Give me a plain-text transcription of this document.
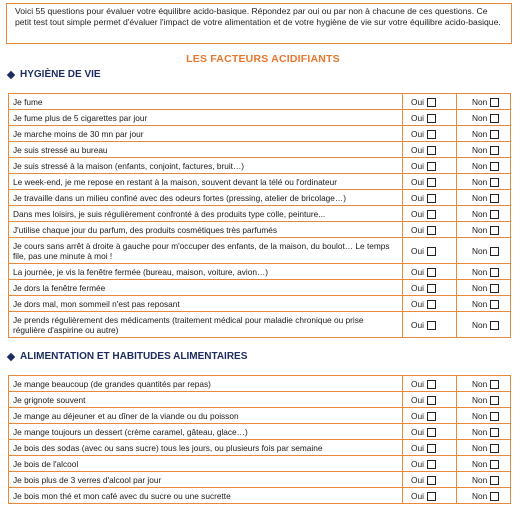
Voici 55 questions pour évaluer votre équilibre acido-basique. Répondez par oui ou par non à chacune de ces questions. Ce petit test tout simple permet d'évaluer l'impact de votre alimentation et de votre hygiène de vie sur votre équilibre acido-basique.
LES FACTEURS ACIDIFIANTS
HYGIÈNE DE VIE
Je fume	Oui	Non
Je fume plus de 5 cigarettes par jour	Oui	Non
Je marche moins de 30 mn par jour	Oui	Non
Je suis stressé au bureau	Oui	Non
Je suis stressé à la maison (enfants, conjoint, factures, bruit…)	Oui	Non
Le week-end, je me repose en restant à la maison, souvent devant la télé ou l'ordinateur	Oui	Non
Je travaille dans un milieu confiné avec des odeurs fortes (pressing, atelier de bricolage…)	Oui	Non
Dans mes loisirs, je suis régulièrement confronté à des produits type colle, peinture...	Oui	Non
J'utilise chaque jour du parfum, des produits cosmétiques très parfumés	Oui	Non
Je cours sans arrêt à droite à gauche pour m'occuper des enfants, de la maison, du boulot… Le temps file, pas une minute à moi !	Oui	Non
La journée, je vis la fenêtre fermée (bureau, maison, voiture, avion…)	Oui	Non
Je dors la fenêtre fermée	Oui	Non
Je dors mal, mon sommeil n'est pas reposant	Oui	Non
Je prends régulièrement des médicaments (traitement médical pour maladie chronique ou prise régulière d'aspirine ou autre)	Oui	Non
ALIMENTATION ET HABITUDES ALIMENTAIRES
Je mange beaucoup (de grandes quantités par repas)	Oui	Non
Je grignote souvent	Oui	Non
Je mange au déjeuner et au dîner de la viande ou du poisson	Oui	Non
Je mange toujours un dessert (crème caramel, gâteau, glace…)	Oui	Non
Je bois des sodas (avec ou sans sucre) tous les jours, ou plusieurs fois par semaine	Oui	Non
Je bois de l'alcool	Oui	Non
Je bois plus de 3 verres d'alcool par jour	Oui	Non
Je bois mon thé et mon café avec du sucre ou une sucrette	Oui	Non
